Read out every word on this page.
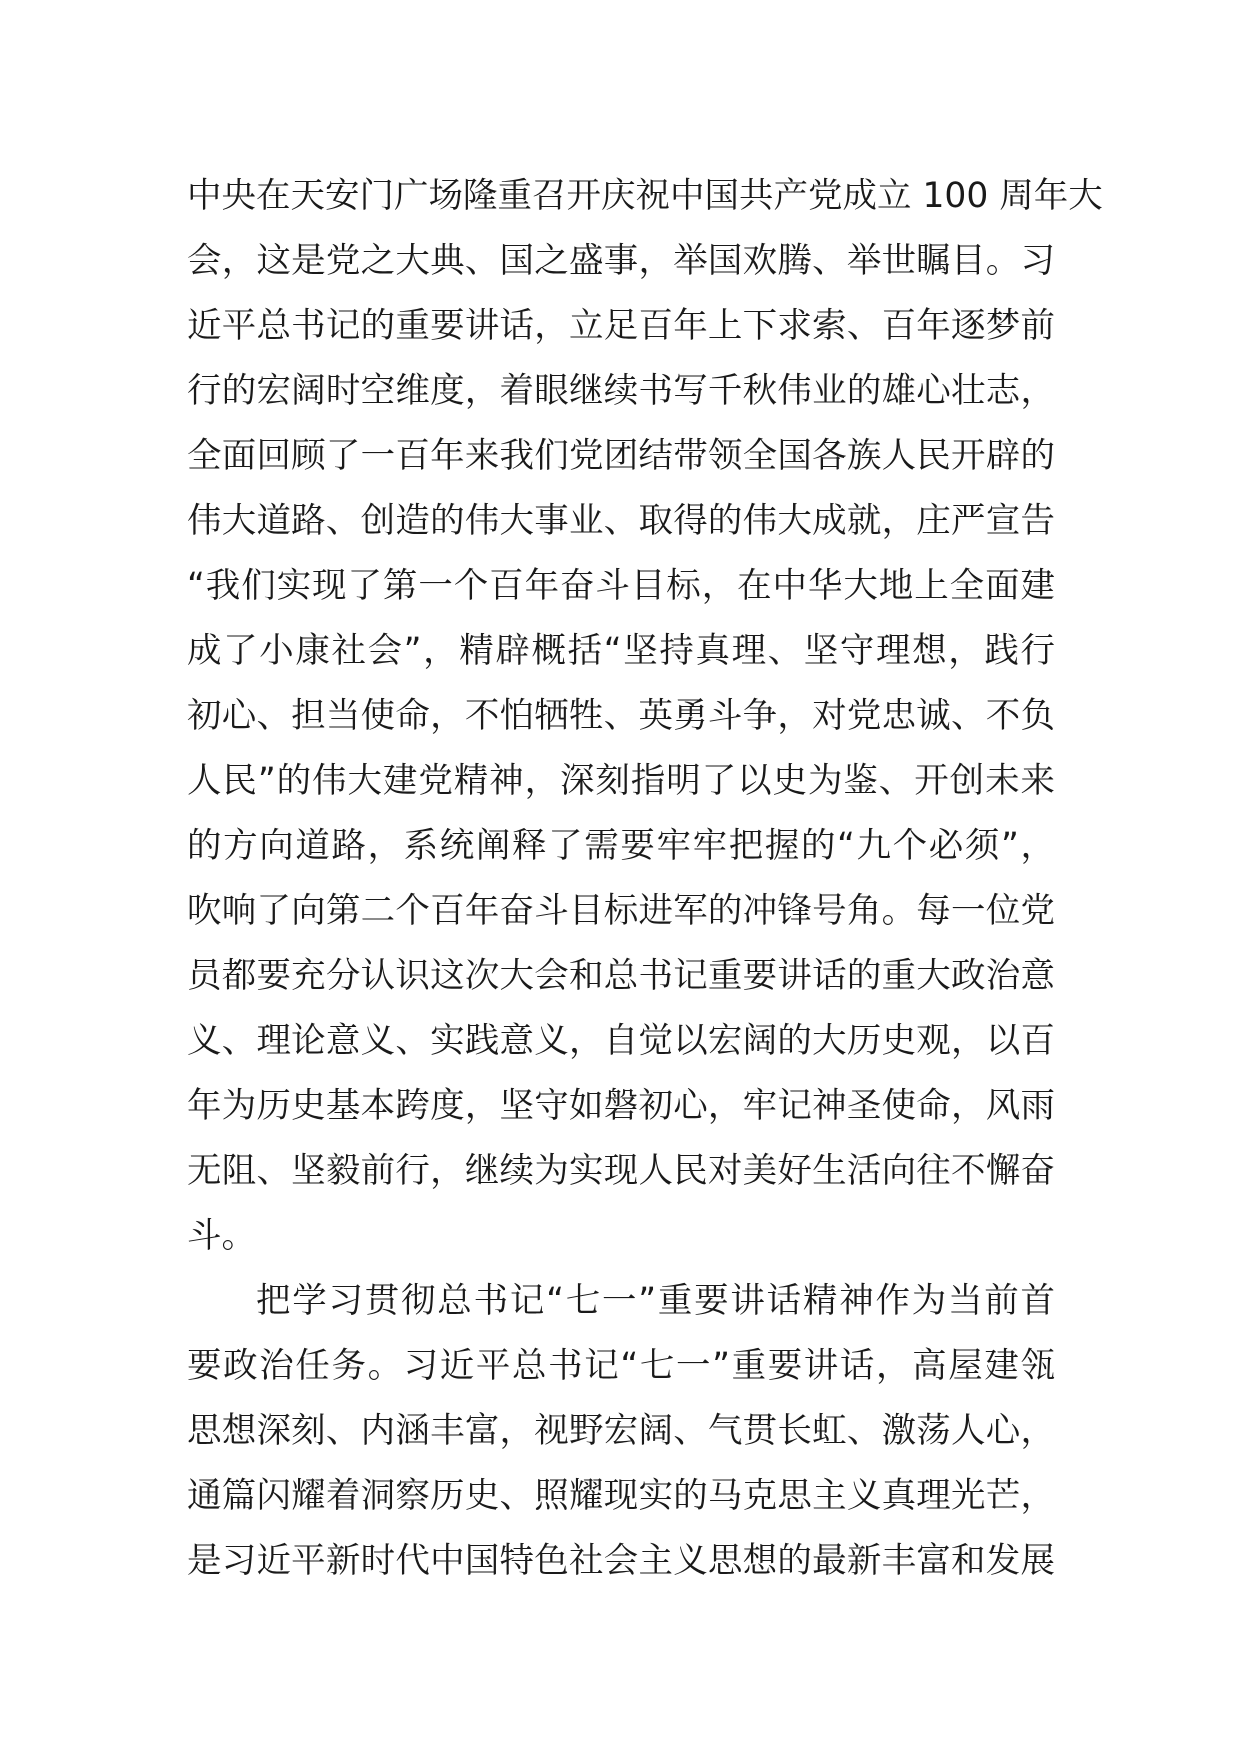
中央在天安门广场隆重召开庆祝中国共产党成立 100 周年大
会，这是党之大典、国之盛事，举国欢腾、举世瞩目。习
近平总书记的重要讲话，立足百年上下求索、百年逐梦前
行的宏阔时空维度，着眼继续书写千秋伟业的雄心壮志，
全面回顾了一百年来我们党团结带领全国各族人民开辟的
伟大道路、创造的伟大事业、取得的伟大成就，庄严宣告
“我们实现了第一个百年奋斗目标，在中华大地上全面建
成了小康社会”，精辟概括“坚持真理、坚守理想，践行
初心、担当使命，不怕牺牲、英勇斗争，对党忠诚、不负
人民”的伟大建党精神，深刻指明了以史为鉴、开创未来
的方向道路，系统阐释了需要牢牢把握的“九个必须”，
吹响了向第二个百年奋斗目标进军的冲锋号角。每一位党
员都要充分认识这次大会和总书记重要讲话的重大政治意
义、理论意义、实践意义，自觉以宏阔的大历史观，以百
年为历史基本跨度，坚守如磐初心，牢记神圣使命，风雨
无阻、坚毅前行，继续为实现人民对美好生活向往不懈奋
斗。
把学习贯彻总书记“七一”重要讲话精神作为当前首
要政治任务。习近平总书记“七一”重要讲话，高屋建瓴
思想深刻、内涵丰富，视野宏阔、气贯长虹、激荡人心，
通篇闪耀着洞察历史、照耀现实的马克思主义真理光芒，
是习近平新时代中国特色社会主义思想的最新丰富和发展
